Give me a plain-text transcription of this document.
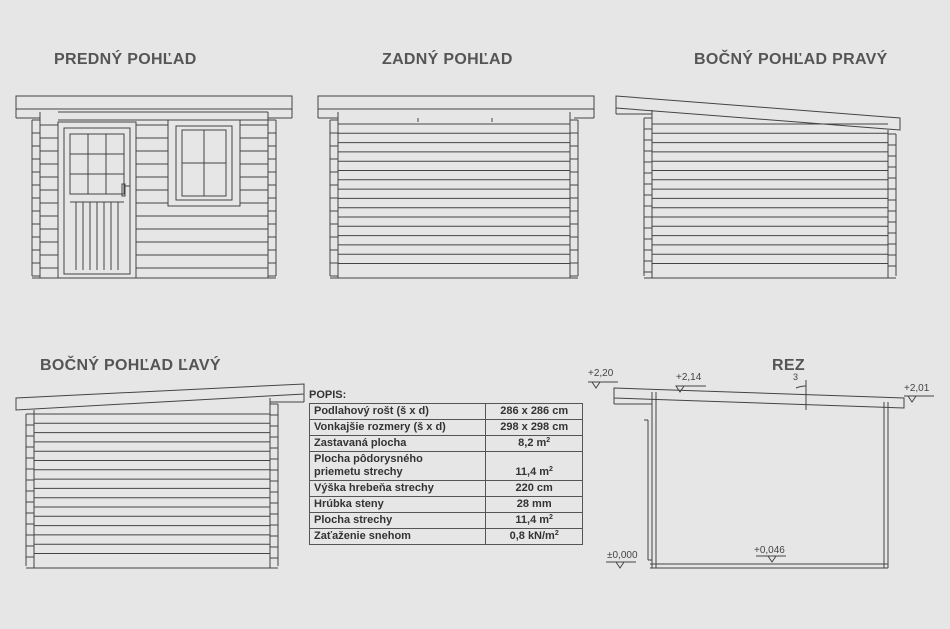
PREDNÝ POHĽAD	ZADNÝ POHĽAD	BOČNÝ POHĽAD PRAVÝ
BOČNÝ POHĽAD ĽAVÝ	REZ
+2,20	+2,14
+2,01
3
±0,000	+0,046
POPIS:
Podlahový rošt (š x d)	286 x 286 cm
Vonkajšie rozmery (š x d)	298 x 298 cm
Zastavaná plocha	8,2 $m^2$
Plocha pôdorysného
priemetu strechy	11,4 $m^2$
Výška hrebeňa strechy	220 cm
Hrúbka steny	28 mm
Plocha strechy	11,4 $m^2$
Zaťaženie snehom	0,8 $kN/m^2$
